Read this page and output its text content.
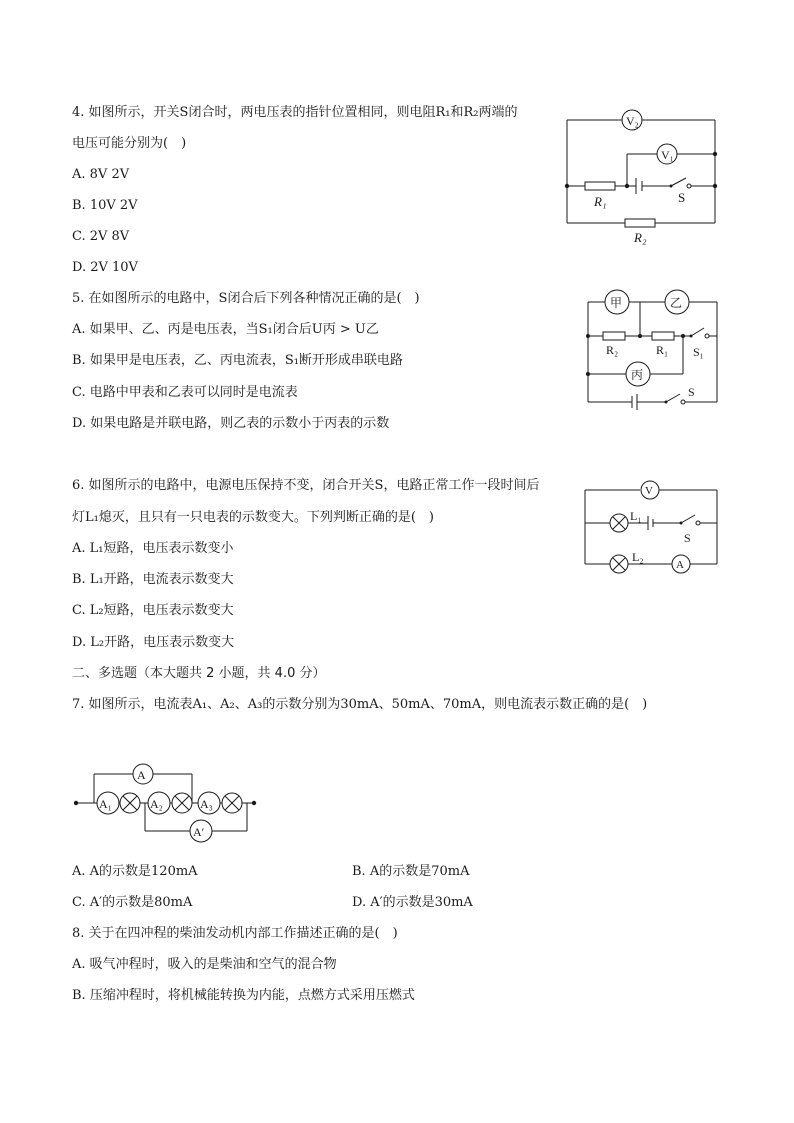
4. 如图所示，开关S闭合时，两电压表的指针位置相同，则电阻R₁和R₂两端的
电压可能分别为(　)
A. 8V 2V
B. 10V 2V
C. 2V 8V
D. 2V 10V
V₂
V₁
R₁	S
R₂
5. 在如图所示的电路中，S闭合后下列各种情况正确的是(　)
A. 如果甲、乙、丙是电压表，当S₁闭合后U丙 > U乙
B. 如果甲是电压表，乙、丙电流表，S₁断开形成串联电路
C. 电路中甲表和乙表可以同时是电流表
D. 如果电路是并联电路，则乙表的示数小于丙表的示数
甲	乙
R₂	R₁ S₁
丙
S
6. 如图所示的电路中，电源电压保持不变，闭合开关S，电路正常工作一段时间后
灯L₁熄灭，且只有一只电表的示数变大。下列判断正确的是(　)
A. L₁短路，电压表示数变小
B. L₁开路，电流表示数变大
C. L₂短路，电压表示数变大
D. L₂开路，电压表示数变大
V
L₁
S
A
L₂
二、多选题（本大题共 2 小题，共 4.0 分）
7. 如图所示，电流表A₁、A₂、A₃的示数分别为30mA、50mA、70mA，则电流表示数正确的是(　)
A
A₁	A₂	A₃
A′
A. A的示数是120mA	B. A的示数是70mA
C. A′的示数是80mA	D. A′的示数是30mA
8. 关于在四冲程的柴油发动机内部工作描述正确的是(　)
A. 吸气冲程时，吸入的是柴油和空气的混合物
B. 压缩冲程时，将机械能转换为内能，点燃方式采用压燃式
